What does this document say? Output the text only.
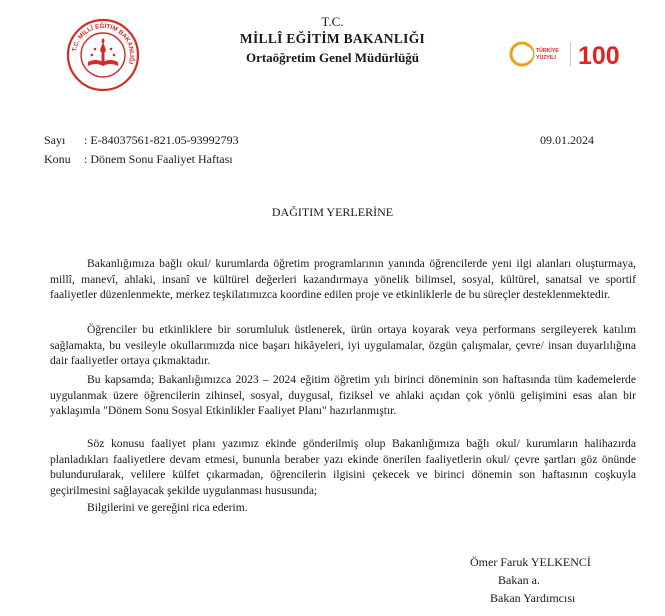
T.C. MİLLÎ EĞİTİM BAKANLIĞI
T.C.
MİLLÎ EĞİTİM BAKANLIĞI
Ortaöğretim Genel Müdürlüğü	TÜRKİYE
YÜZYILI 100
Sayı : E-84037561-821.05-93992793	09.01.2024
Konu : Dönem Sonu Faaliyet Haftası
DAĞITIM YERLERİNE
Bakanlığımıza bağlı okul/ kurumlarda öğretim programlarının yanında öğrencilerde yeni ilgi alanları oluşturmaya, millî, manevî, ahlaki, insanî ve kültürel değerleri kazandırmaya yönelik bilimsel, sosyal, kültürel, sanatsal ve sportif faaliyetler düzenlenmekte, merkez teşkilatımızca koordine edilen proje ve etkinliklerle de bu süreçler desteklenmektedir.
Öğrenciler bu etkinliklere bir sorumluluk üstlenerek, ürün ortaya koyarak veya performans sergileyerek katılım sağlamakta, bu vesileyle okullarımızda nice başarı hikâyeleri, iyi uygulamalar, özgün çalışmalar, çevre/ insan duyarlılığına dair faaliyetler ortaya çıkmaktadır.
Bu kapsamda; Bakanlığımızca 2023 – 2024 eğitim öğretim yılı birinci döneminin son haftasında tüm kademelerde uygulanmak üzere öğrencilerin zihinsel, sosyal, duygusal, fiziksel ve ahlaki açıdan çok yönlü gelişimini esas alan bir yaklaşımla "Dönem Sonu Sosyal Etkinlikler Faaliyet Planı" hazırlanmıştır.
Söz konusu faaliyet planı yazımız ekinde gönderilmiş olup Bakanlığımıza bağlı okul/ kurumların halihazırda planladıkları faaliyetlere devam etmesi, bununla beraber yazı ekinde önerilen faaliyetlerin okul/ çevre şartları göz önünde bulundurularak, velilere külfet çıkarmadan, öğrencilerin ilgisini çekecek ve birinci dönemin son haftasının coşkuyla geçirilmesini sağlayacak şekilde uygulanması hususunda;
Bilgilerini ve gereğini rica ederim.
Ömer Faruk YELKENCİ
Bakan a.
Bakan Yardımcısı
